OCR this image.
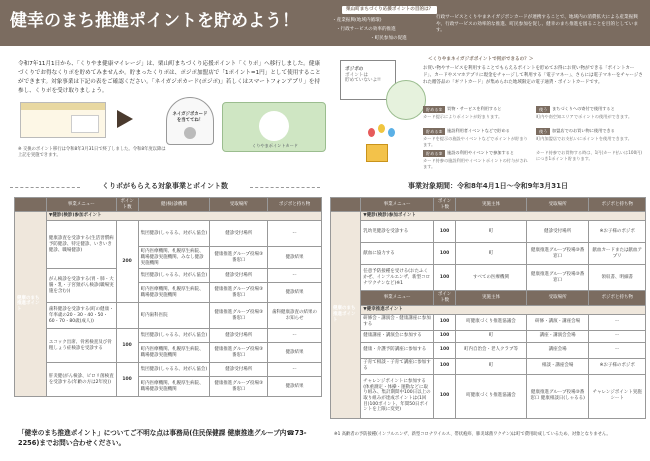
健幸のまち推進ポイントを貯めよう！
栗山町まちづくり応援ポイントの目的は？
・産業振興(地域内循環)
・行政サービスの効率的推進
・町民参加の促進
行政サービスとくりやまネイガジポンカードが連携することで、地域内の消費拡大による産業振興や、行政サービスの効率的な推進、町民参加を促し、健幸のまち推進を図ることを目的としています。
令和7年11月1日から、「くりやま健康マイレージ」は、栗山町まちづくり応援ポイント「くりポ」へ移行しました。健康づくりでお得なくりポを貯めてみませんか。貯まったくりポは、ポジポ加盟店で「1ポイント=1円」として使用することができます。対象事業は下記の表をご確認ください。「ネイガジポカード(ポジポ)」若しくはスマートフォンアプリ」を持参し、くりポを受け取りましょう。
ネイガジポカード
を当ててね！
くりやまポイントカード
※ 交換のポイント移行は令和8年3月31日で終了しました。令和8年度以降は上記を実施できます。
ポジポの
ポイントは
貯めていないよ!!
＜くりやまネイガジポポイントで何ができるの？＞
お買い物やサービスを利用することでもらえるポイントを貯めてお得にお買い物ができる「ポイントカード」、カードやスマホアプリに現金をチャージして利用する「電子マネー」、さらには電子マネーをチャージされた贈答品の「ギフトカード」が集められた地域限定の電子通貨・ポイントカードです。
貯める①	買物・サービスを利用すると
カード提示によりポイントが貯まります。
貯める②	施設利用者イベントなどで貯める
カードを提示の施設やイベントなどでポイントが貯まります。
貯める③	施設の利用やイベントで参加すると
カード持参の施設利用やイベントポイントの付与がされます。
使う	まちづくりへの寄付で使用すると
町内や南空知エリアでポイントの使用ができます。
使う	加盟店でのお買い物に使用できる
町内加盟店でお支払いにポイントを使用できます。
カード持参でお買物する時は、1円(カード払いは100円)につき1ポイント貯まります。
くりポがもらえる対象事業とポイント数	事業対象期間：令和8年4月1日～令和9年3月31日
	事業メニュー	ポイント数	健(検)診機関	受取場所	ポジポと持ち物
健康のまち推進ポイント	▼健診(検診)参加ポイント				
	健康診査を受診する(生活習慣病予防健診、特定健診、いきいき健診、職場健診)	200	集団健診(しゃるる、対がん協会)	健診受付場所	ー
			町内医療機関、札幌厚生病院、職場健診実施機関、みなし健診実施機関	健康推進グループ役場③番窓口	健診結果
	がん検診を受診する(胃・肺・大腸・乳・子宮頸がん検診(職場実施を含む))		集団健診(しゃるる、対がん協会)	健診受付場所	ー
			町内医療機関、札幌厚生病院、職場健診実施機関	健康推進グループ役場③番窓口	健診結果
	歯科健診を受診する(町の健康・年率歳の20・30・40・50・60・70・80歳(成人))		町内歯科医院	健康推進グループ役場③番窓口	歯科健康診査の結果のお知らせ
	エコック出席、骨密検査及び骨粗しょう症検診を受診する	100	集団健診(しゃるる、対がん協会)	健診受付場所	ー
			町内医療機関、札幌厚生病院、職場健診実施機関	健康推進グループ役場③番窓口	健診結果
	肝炎健(がん検診、ピロリ菌検査を受診する(年齢の方は2年度))	100	集団健診(しゃるる、対がん協会)	健診受付場所	ー
			町内医療機関、札幌厚生病院、職場健診実施機関	健康推進グループ役場③番窓口	健診結果
	事業メニュー	ポイント数	実施主体	受取場所	ポジポと持ち物
健康のまち推進ポイント	▼健診(検診)参加ポイント				
	乳幼児健診を受診する	100	町	健診受付場所	※お子様のポジポ
	献血に協力する	100	町	健康推進グループ役場③番窓口	献血カードまたは献血アプリ
	任意予防接種を受ける(おたふくかぜ、インフルエンザ、新型コロナワクチンなど)※1	100	すべての医療機関	健康推進グループ役場③番窓口	領収書、明細書
	事業メニュー	ポイント数	実施主体	受取場所	ポジポと持ち物
	▼健幸推進ポイント				
	研修会・講演会・健康講座に参加する	100	町健康づくり推進協議会	研修・講演・講座会場	ー
	健康講座・講演会に参加する	100	町	講座・講演会会場	ー
	健康・介護予防講座に参加する	100	町内自治会・老人クラブ等	講座会場	ー
	子育て相談・子育て講座に参加する	100	町	相談・講座会場	※お子様のポジポ
	チャレンジポイントに参加する(体重測定・体操・運動などに取り組み、集計期間中100日以上の取り組みが達成ポイントは(1回目)100ポイント、年間50日ポイントを上限に変更)	100	町健康づくり推進協議会	健康推進グループ役場③番窓口 健康相談日(しゃるる)	チャレンジポイント実施シート
「健幸のまち推進ポイント」についてご不明な点は事務局(住民保健課 健康推進グループ内☎73-2256)までお問い合わせください。
※1 高齢者の予防接種(インフルエンザ、新型コロナワイルス、帯状疱疹、肺炎球菌ワクチン)は町で費用助成しているため、対象となりません。
